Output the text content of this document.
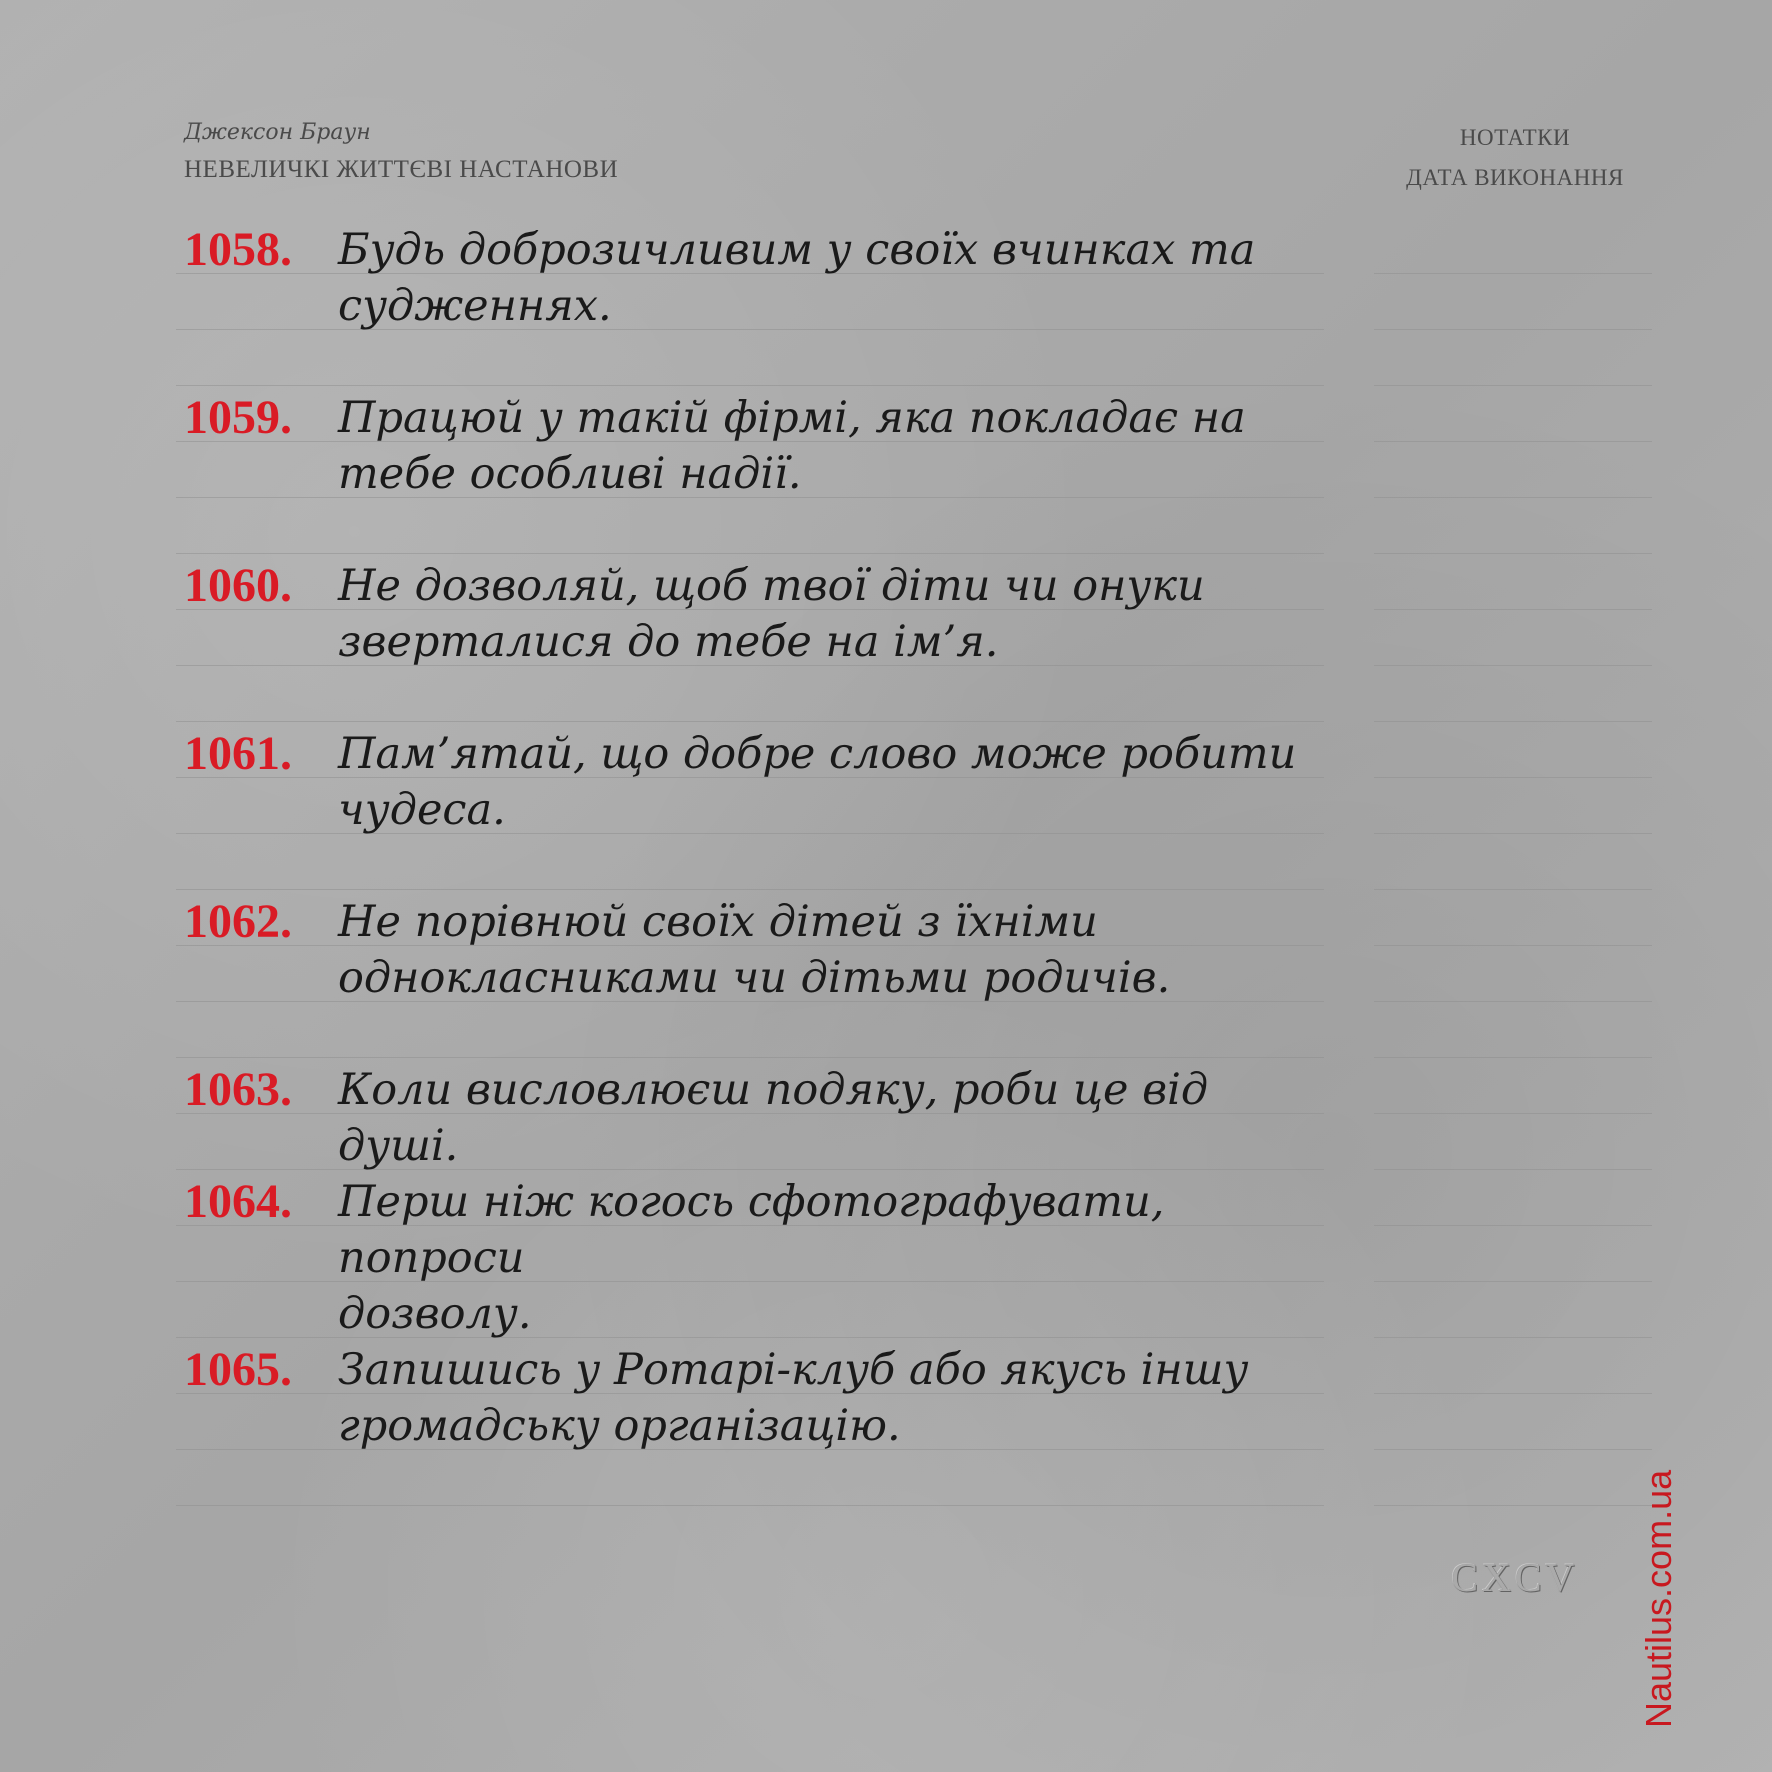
Джексон Браун
НЕВЕЛИЧКІ ЖИТТЄВІ НАСТАНОВИ
НОТАТКИ
ДАТА ВИКОНАННЯ
1058. Будь доброзичливим у своїх вчинках та
судженнях.
1059. Працюй у такій фірмі, яка покладає на
тебе особливі надії.
1060. Не дозволяй, щоб твої діти чи онуки
зверталися до тебе на ім’я.
1061. Пам’ятай, що добре слово може робити
чудеса.
1062. Не порівнюй своїх дітей з їхніми
однокласниками чи дітьми родичів.
1063. Коли висловлюєш подяку, роби це від душі.
1064. Перш ніж когось сфотографувати, попроси
дозволу.
1065. Запишись у Ротарі-клуб або якусь іншу
громадську організацію.
CXCV	Nautilus.com.ua
